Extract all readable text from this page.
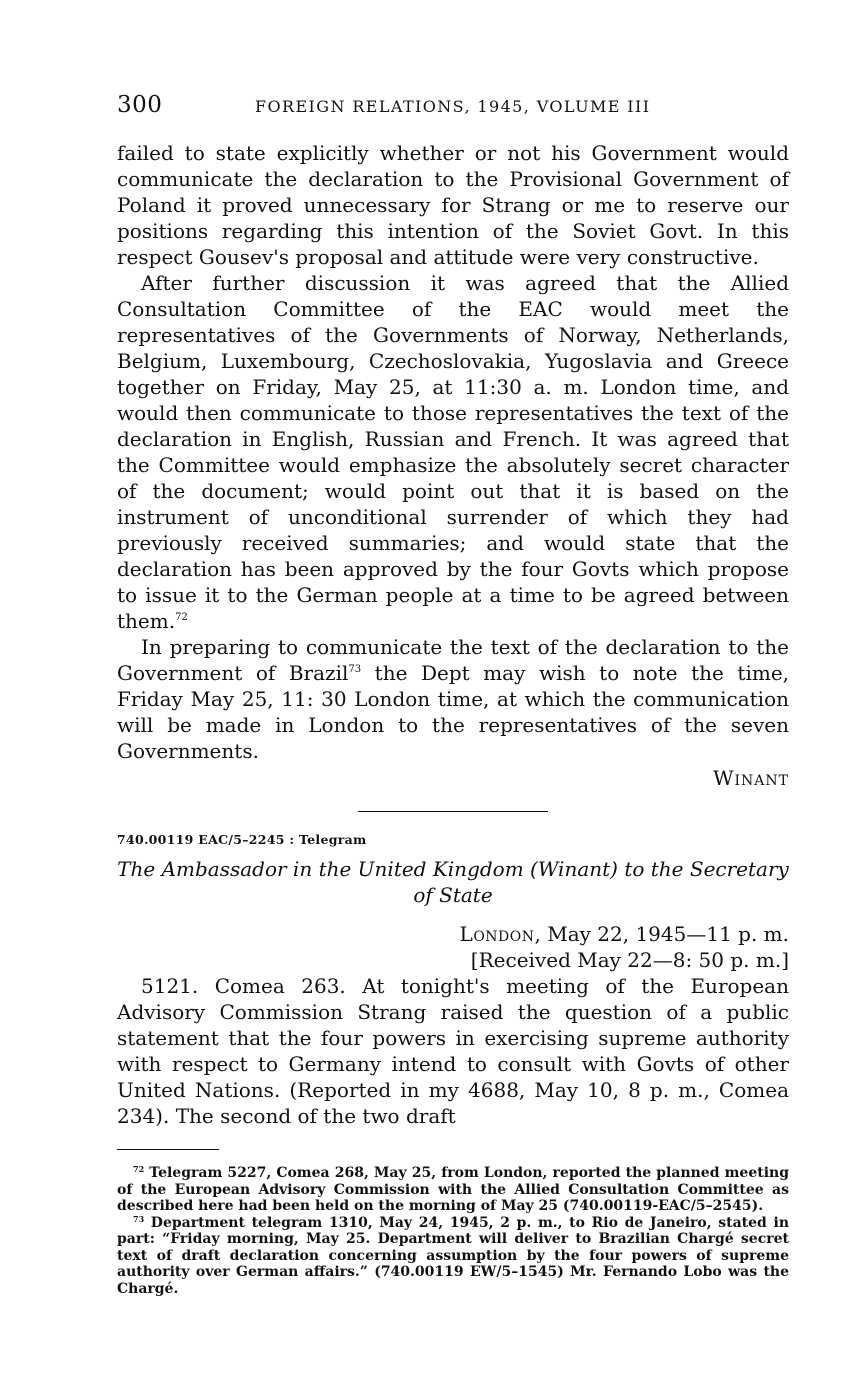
300	FOREIGN RELATIONS, 1945, VOLUME III

failed to state explicitly whether or not his Government would communicate the declaration to the Provisional Government of Poland it proved unnecessary for Strang or me to reserve our positions regarding this intention of the Soviet Govt. In this respect Gousev's proposal and attitude were very constructive.

After further discussion it was agreed that the Allied Consultation Committee of the EAC would meet the representatives of the Governments of Norway, Netherlands, Belgium, Luxembourg, Czechoslovakia, Yugoslavia and Greece together on Friday, May 25, at 11:30 a. m. London time, and would then communicate to those representatives the text of the declaration in English, Russian and French. It was agreed that the Committee would emphasize the absolutely secret character of the document; would point out that it is based on the instrument of unconditional surrender of which they had previously received summaries; and would state that the declaration has been approved by the four Govts which propose to issue it to the German people at a time to be agreed between them.$^{72}$

In preparing to communicate the text of the declaration to the Government of Brazil$^{73}$ the Dept may wish to note the time, Friday May 25, 11: 30 London time, at which the communication will be made in London to the representatives of the seven Governments.

Winant
740.00119 EAC/5–2245 : Telegram
The Ambassador in the United Kingdom (Winant) to the Secretary of State
London, May 22, 1945—11 p. m.
[Received May 22—8: 50 p. m.]

5121. Comea 263. At tonight's meeting of the European Advisory Commission Strang raised the question of a public statement that the four powers in exercising supreme authority with respect to Germany intend to consult with Govts of other United Nations. (Reported in my 4688, May 10, 8 p. m., Comea 234). The second of the two draft

$^{72}$ Telegram 5227, Comea 268, May 25, from London, reported the planned meeting of the European Advisory Commission with the Allied Consultation Committee as described here had been held on the morning of May 25 (740.00119-EAC/5–2545).

$^{73}$ Department telegram 1310, May 24, 1945, 2 p. m., to Rio de Janeiro, stated in part: “Friday morning, May 25. Department will deliver to Brazilian Chargé secret text of draft declaration concerning assumption by the four powers of supreme authority over German affairs.” (740.00119 EW/5–1545) Mr. Fernando Lobo was the Chargé.
